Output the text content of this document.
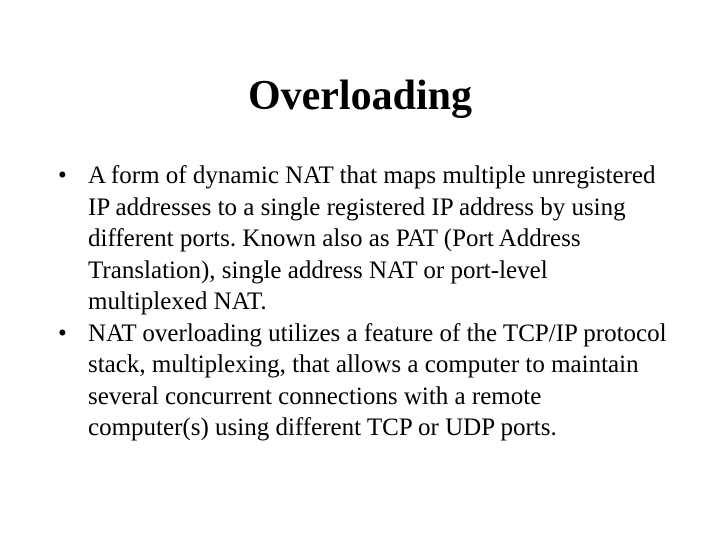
Overloading
• A form of dynamic NAT that maps multiple unregistered IP addresses to a single registered IP address by using different ports. Known also as PAT (Port Address Translation), single address NAT or port-level multiplexed NAT.
• NAT overloading utilizes a feature of the TCP/IP protocol stack, multiplexing, that allows a computer to maintain several concurrent connections with a remote computer(s) using different TCP or UDP ports.
